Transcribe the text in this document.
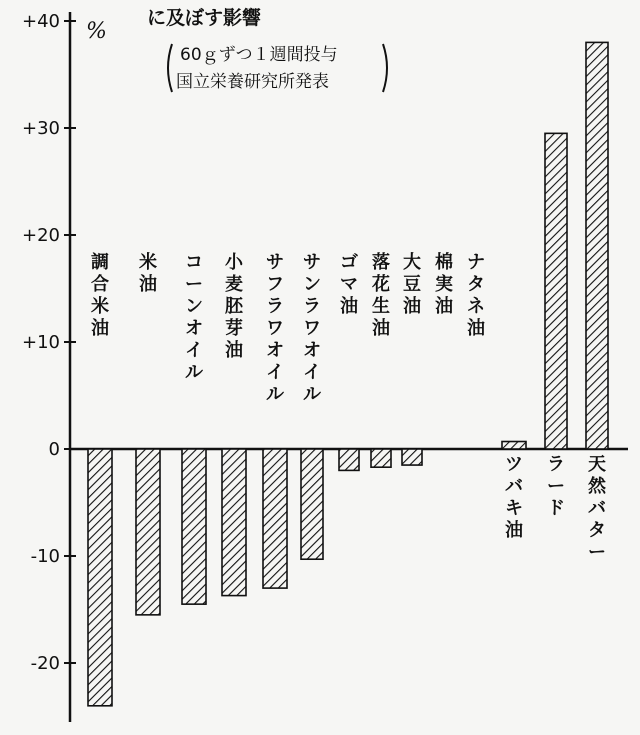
に及ぼす影響
60ｇずつ１週間投与
国立栄養研究所発表
%
+40
+30
+20
+10
0
-10
-20
調合米油
米油
コーンオイル
小麦胚芽油
サフラワオイル
サンラワオイル
ゴマ油
落花生油
大豆油
棉実油
ナタネ油
ツバキ油
ラード
天然バター
